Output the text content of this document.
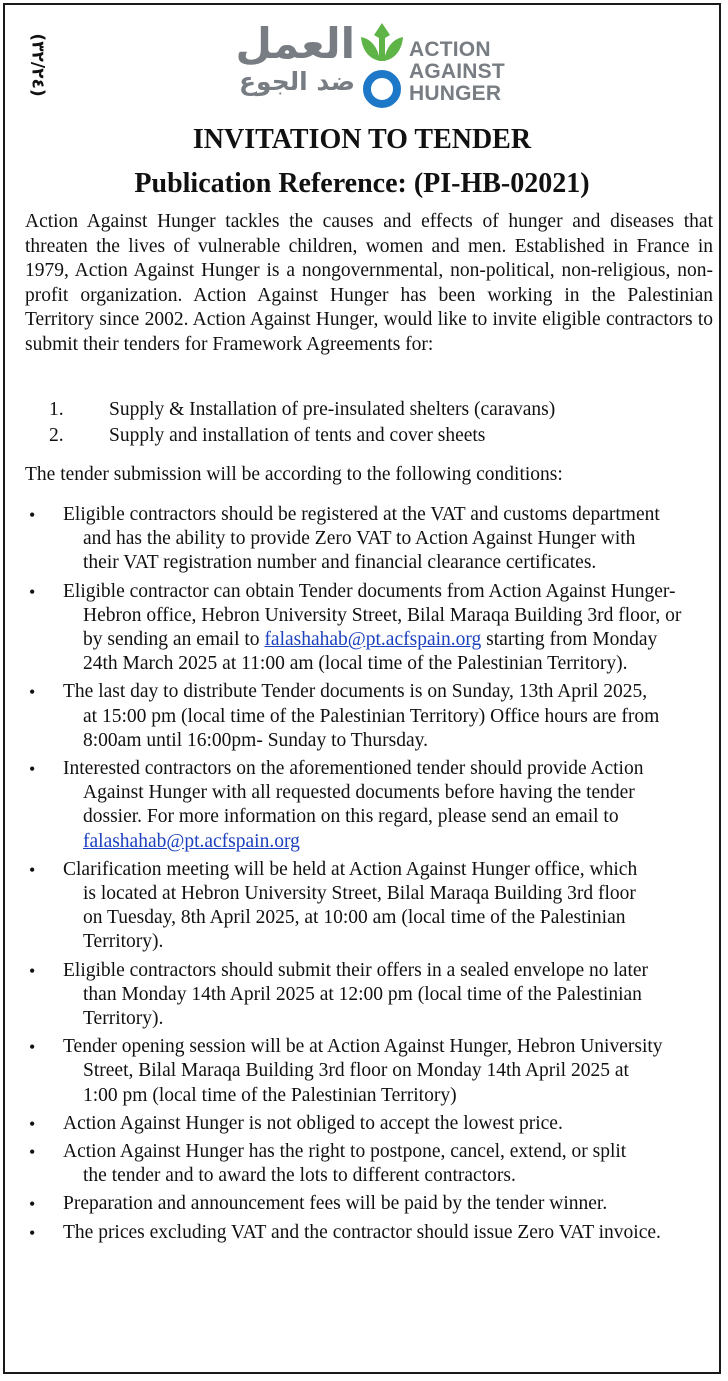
(٣٢/٢٤)
العمل
ضد الجوع
ACTION
AGAINST
HUNGER
INVITATION TO TENDER
Publication Reference: (PI-HB-02021)

Action Against Hunger tackles the causes and effects of hunger and diseases that threaten the lives of vulnerable children, women and men. Established in France in 1979, Action Against Hunger is a nongovernmental, non-political, non-religious, non-profit organization. Action Against Hunger has been working in the Palestinian Territory since 2002. Action Against Hunger, would like to invite eligible contractors to submit their tenders for Framework Agreements for:

1. Supply & Installation of pre-insulated shelters (caravans)
2. Supply and installation of tents and cover sheets

The tender submission will be according to the following conditions:

• Eligible contractors should be registered at the VAT and customs department
and has the ability to provide Zero VAT to Action Against Hunger with
their VAT registration number and financial clearance certificates.
• Eligible contractor can obtain Tender documents from Action Against Hunger-
Hebron office, Hebron University Street, Bilal Maraqa Building 3rd floor, or
by sending an email to falashahab@pt.acfspain.org starting from Monday
24th March 2025 at 11:00 am (local time of the Palestinian Territory).
• The last day to distribute Tender documents is on Sunday, 13th April 2025,
at 15:00 pm (local time of the Palestinian Territory) Office hours are from
8:00am until 16:00pm- Sunday to Thursday.
• Interested contractors on the aforementioned tender should provide Action
Against Hunger with all requested documents before having the tender
dossier. For more information on this regard, please send an email to
falashahab@pt.acfspain.org
• Clarification meeting will be held at Action Against Hunger office, which
is located at Hebron University Street, Bilal Maraqa Building 3rd floor
on Tuesday, 8th April 2025, at 10:00 am (local time of the Palestinian
Territory).
• Eligible contractors should submit their offers in a sealed envelope no later
than Monday 14th April 2025 at 12:00 pm (local time of the Palestinian
Territory).
• Tender opening session will be at Action Against Hunger, Hebron University
Street, Bilal Maraqa Building 3rd floor on Monday 14th April 2025 at
1:00 pm (local time of the Palestinian Territory)
• Action Against Hunger is not obliged to accept the lowest price.
• Action Against Hunger has the right to postpone, cancel, extend, or split
the tender and to award the lots to different contractors.
• Preparation and announcement fees will be paid by the tender winner.
• The prices excluding VAT and the contractor should issue Zero VAT invoice.
